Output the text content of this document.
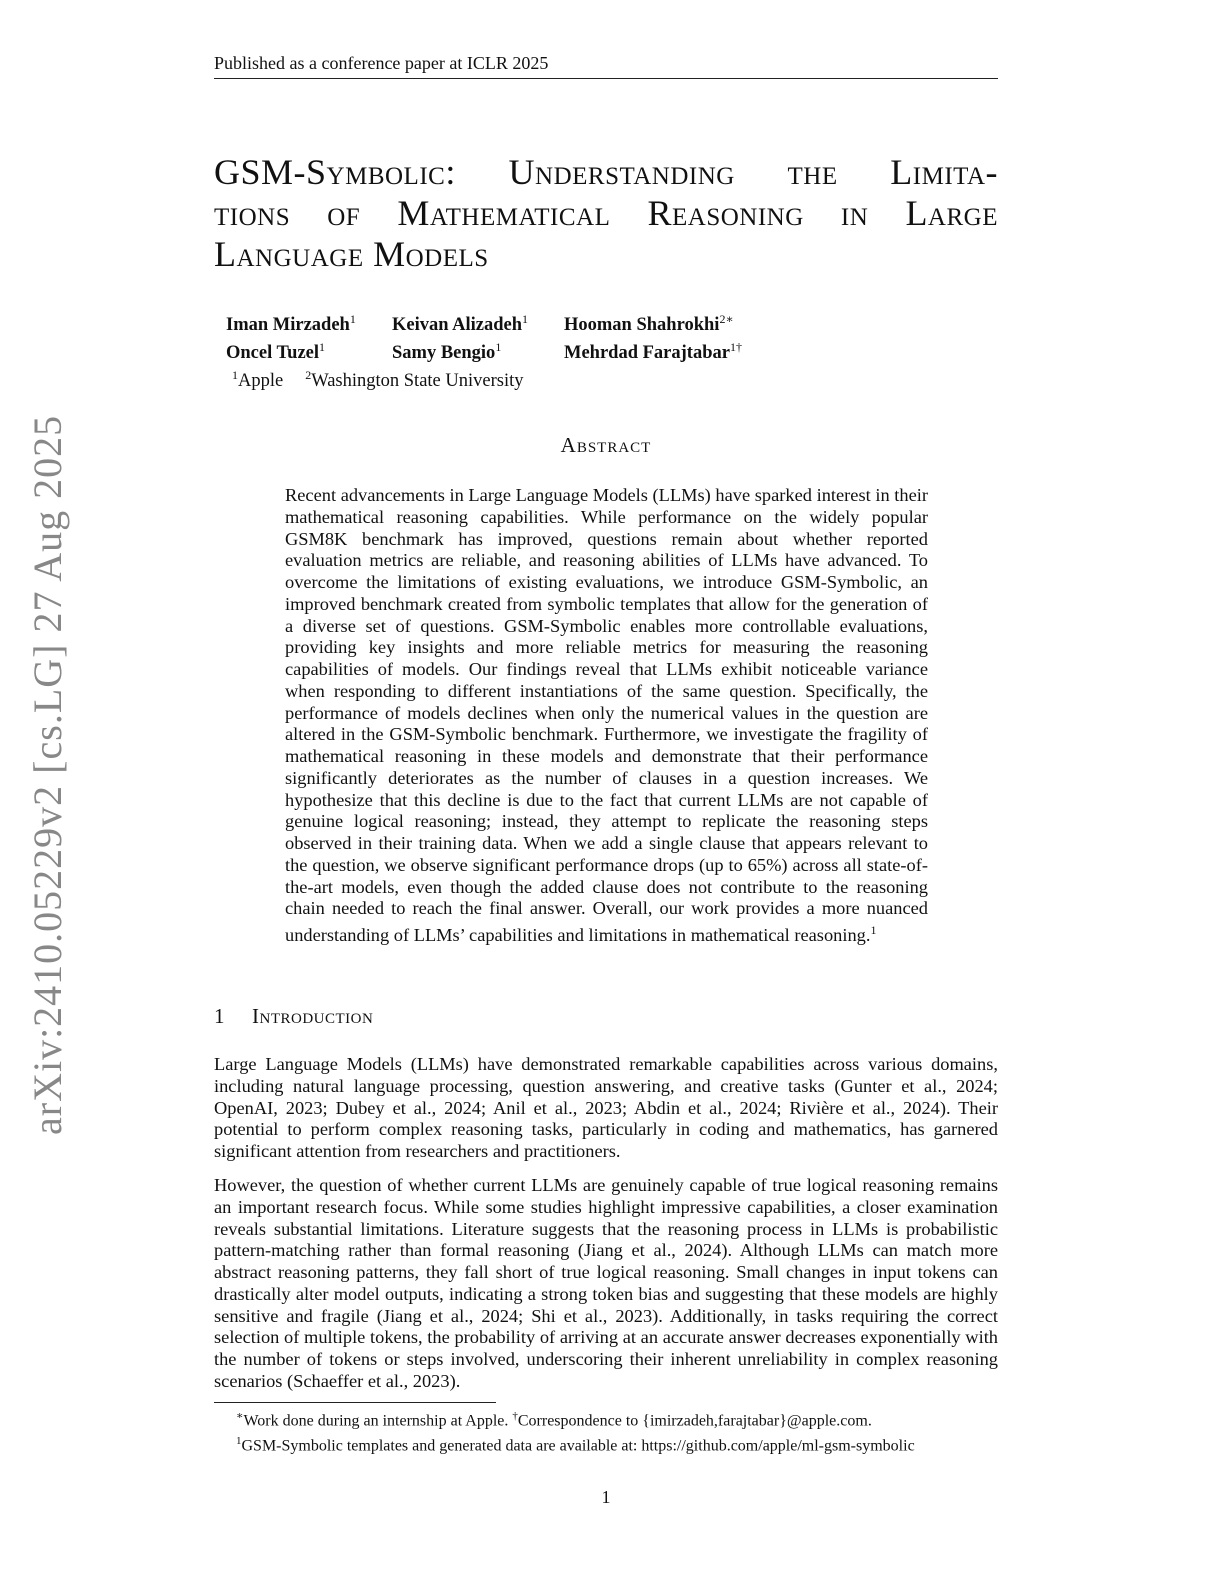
Published as a conference paper at ICLR 2025
arXiv:2410.05229v2 [cs.LG] 27 Aug 2025
GSM-Symbolic: Understanding the Limita-
tions of Mathematical Reasoning in Large
Language Models
Iman Mirzadeh$^1$	Keivan Alizadeh$^1$	Hooman Shahrokhi$^{2∗}$
Oncel Tuzel$^1$	Samy Bengio$^1$	Mehrdad Farajtabar$^{1\dagger}$
$^1$Apple $^2$Washington State University
Abstract

Recent advancements in Large Language Models (LLMs) have sparked interest in their mathematical reasoning capabilities. While performance on the widely popular GSM8K benchmark has improved, questions remain about whether reported evaluation metrics are reliable, and reasoning abilities of LLMs have advanced. To overcome the limitations of existing evaluations, we introduce GSM-Symbolic, an improved benchmark created from symbolic templates that allow for the generation of a diverse set of questions. GSM-Symbolic enables more controllable evaluations, providing key insights and more reliable metrics for measuring the reasoning capabilities of models. Our findings reveal that LLMs exhibit noticeable variance when responding to different instantiations of the same question. Specifically, the performance of models declines when only the numerical values in the question are altered in the GSM-Symbolic benchmark. Furthermore, we investigate the fragility of mathematical reasoning in these models and demonstrate that their performance significantly deteriorates as the number of clauses in a question increases. We hypothesize that this decline is due to the fact that current LLMs are not capable of genuine logical reasoning; instead, they attempt to replicate the reasoning steps observed in their training data. When we add a single clause that appears relevant to the question, we observe significant performance drops (up to 65%) across all state-of-the-art models, even though the added clause does not contribute to the reasoning chain needed to reach the final answer. Overall, our work provides a more nuanced understanding of LLMs’ capabilities and limitations in mathematical reasoning.$^1$

1 Introduction

Large Language Models (LLMs) have demonstrated remarkable capabilities across various domains, including natural language processing, question answering, and creative tasks (Gunter et al., 2024; OpenAI, 2023; Dubey et al., 2024; Anil et al., 2023; Abdin et al., 2024; Rivière et al., 2024). Their potential to perform complex reasoning tasks, particularly in coding and mathematics, has garnered significant attention from researchers and practitioners.

However, the question of whether current LLMs are genuinely capable of true logical reasoning remains an important research focus. While some studies highlight impressive capabilities, a closer examination reveals substantial limitations. Literature suggests that the reasoning process in LLMs is probabilistic pattern-matching rather than formal reasoning (Jiang et al., 2024). Although LLMs can match more abstract reasoning patterns, they fall short of true logical reasoning. Small changes in input tokens can drastically alter model outputs, indicating a strong token bias and suggesting that these models are highly sensitive and fragile (Jiang et al., 2024; Shi et al., 2023). Additionally, in tasks requiring the correct selection of multiple tokens, the probability of arriving at an accurate answer decreases exponentially with the number of tokens or steps involved, underscoring their inherent unreliability in complex reasoning scenarios (Schaeffer et al., 2023).

∗Work done during an internship at Apple. †Correspondence to {imirzadeh,farajtabar}@apple.com.
$^1$GSM-Symbolic templates and generated data are available at: https://github.com/apple/ml-gsm-symbolic
1
